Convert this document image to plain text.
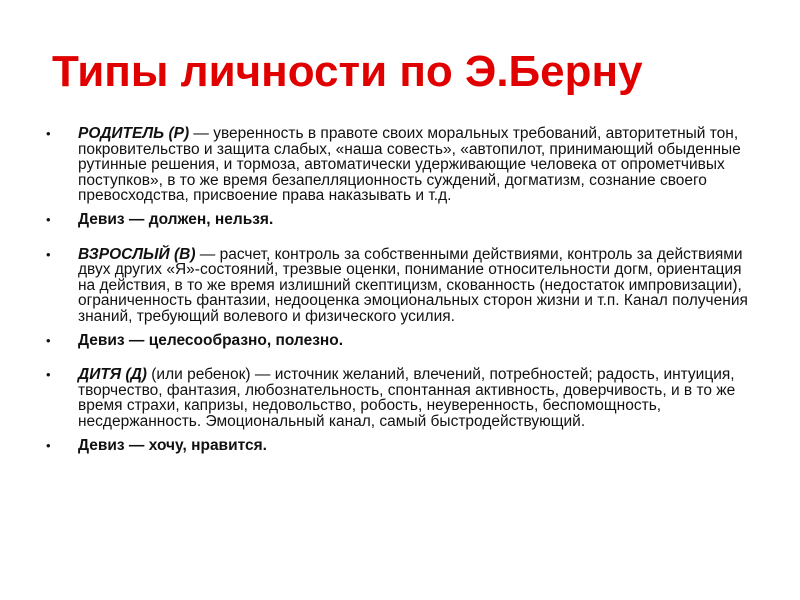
Типы личности по Э.Берну
• РОДИТЕЛЬ (Р) — уверенность в правоте своих моральных требований, авторитетный тон, покровительство и защита слабых, «наша совесть», «автопилот, принимающий обыденные рутинные решения, и тормоза, автоматически удерживающие человека от опрометчивых поступков», в то же время безапелляционность суждений, догматизм, сознание своего превосходства, присвоение права наказывать и т.д.
• Девиз — должен, нельзя.
• ВЗРОСЛЫЙ (В) — расчет, контроль за собственными действиями, контроль за действиями двух других «Я»-состояний, трезвые оценки, понимание относительности догм, ориентация на действия, в то же время излишний скептицизм, скованность (недостаток импровизации), ограниченность фантазии, недооценка эмоциональных сторон жизни и т.п. Канал получения знаний, требующий волевого и физического усилия.
• Девиз — целесообразно, полезно.
• ДИТЯ (Д) (или ребенок) — источник желаний, влечений, потребностей; радость, интуиция, творчество, фантазия, любознательность, спонтанная активность, доверчивость, и в то же время страхи, капризы, недовольство, робость, неуверенность, беспомощность, несдержанность. Эмоциональный канал, самый быстродействующий.
• Девиз — хочу, нравится.
